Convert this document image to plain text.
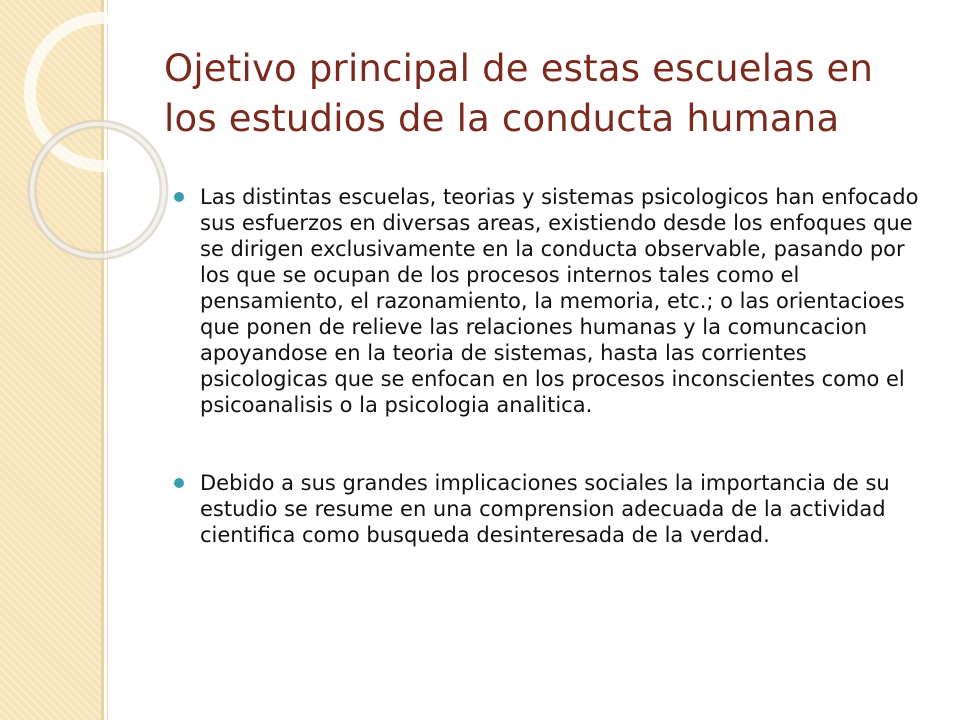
Ojetivo principal de estas escuelas en los estudios de la conducta humana
Las distintas escuelas, teorias y sistemas psicologicos han enfocado sus esfuerzos en diversas areas, existiendo desde los enfoques que se dirigen exclusivamente en la conducta observable, pasando por los que se ocupan de los procesos internos tales como el pensamiento, el razonamiento, la memoria, etc.; o las orientacioes que ponen de relieve las relaciones humanas y la comuncacion apoyandose en la teoria de sistemas, hasta las corrientes psicologicas que se enfocan en los procesos inconscientes como el psicoanalisis o la psicologia analitica.
Debido a sus grandes implicaciones sociales la importancia de su estudio se resume en una comprension adecuada de la actividad cientifica como busqueda desinteresada de la verdad.
